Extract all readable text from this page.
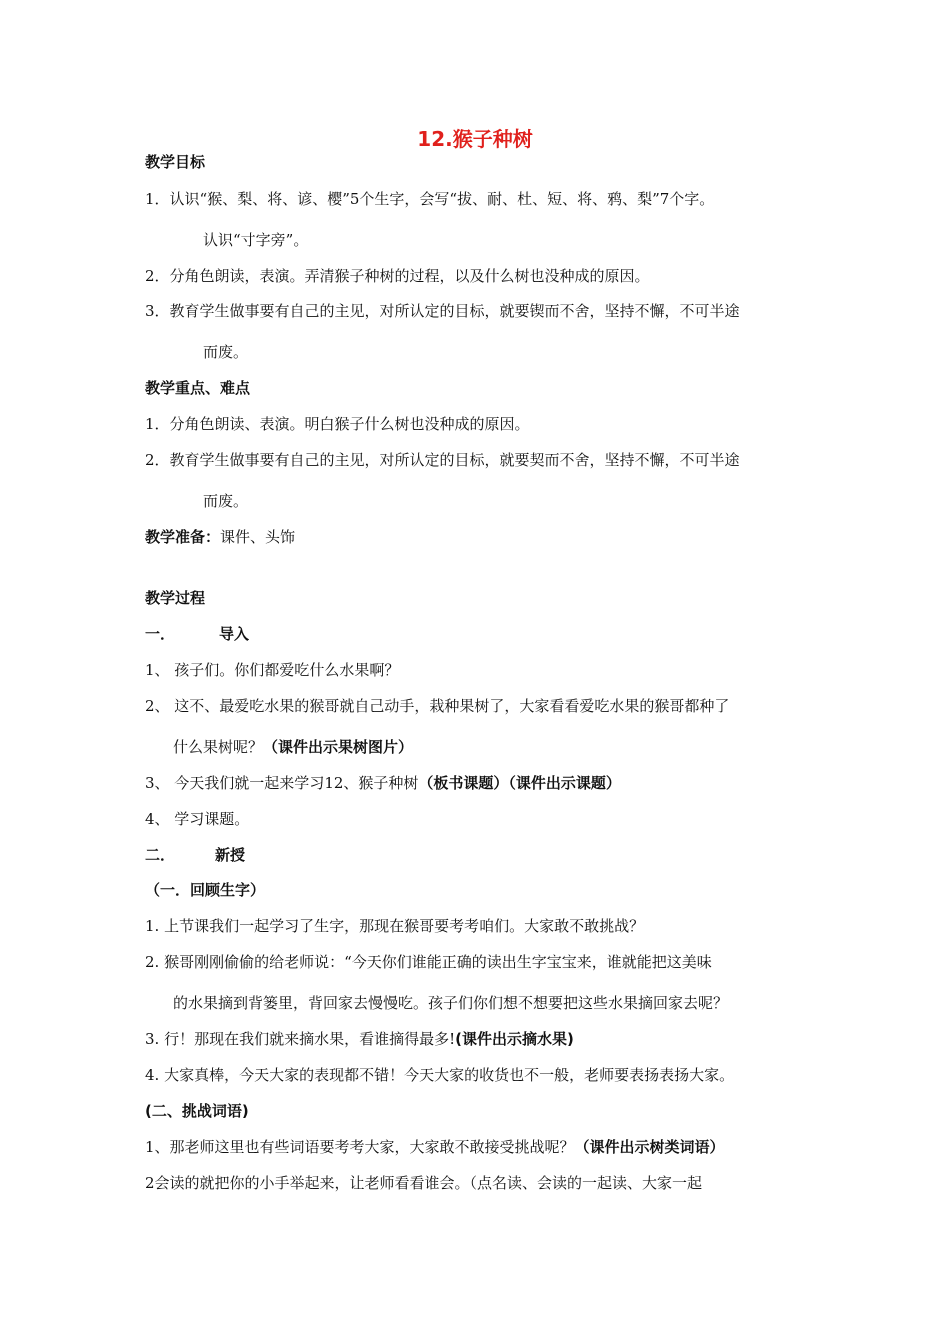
12.猴子种树
教学目标
1．认识“猴、梨、将、谚、樱”5个生字，会写“拔、耐、杜、短、将、鸦、梨”7个字。
认识“寸字旁”。
2．分角色朗读，表演。弄清猴子种树的过程，以及什么树也没种成的原因。
3．教育学生做事要有自己的主见，对所认定的目标，就要锲而不舍，坚持不懈，不可半途
而废。
教学重点、难点
1．分角色朗读、表演。明白猴子什么树也没种成的原因。
2．教育学生做事要有自己的主见，对所认定的目标，就要契而不舍，坚持不懈，不可半途
而废。
教学准备：课件、头饰
教学过程
一．	导入
1、 孩子们。你们都爱吃什么水果啊？
2、 这不、最爱吃水果的猴哥就自己动手，栽种果树了，大家看看爱吃水果的猴哥都种了
什么果树呢？（课件出示果树图片）
3、 今天我们就一起来学习12、猴子种树（板书课题）（课件出示课题）
4、 学习课题。
二．	新授
（一．回顾生字）
1. 上节课我们一起学习了生字，那现在猴哥要考考咱们。大家敢不敢挑战？
2. 猴哥刚刚偷偷的给老师说：“今天你们谁能正确的读出生字宝宝来，谁就能把这美味
的水果摘到背篓里，背回家去慢慢吃。孩子们你们想不想要把这些水果摘回家去呢？
3. 行！那现在我们就来摘水果，看谁摘得最多!(课件出示摘水果)
4. 大家真棒，今天大家的表现都不错！今天大家的收货也不一般，老师要表扬表扬大家。
(二、挑战词语)
1、那老师这里也有些词语要考考大家，大家敢不敢接受挑战呢？（课件出示树类词语）
2会读的就把你的小手举起来，让老师看看谁会。（点名读、会读的一起读、大家一起
